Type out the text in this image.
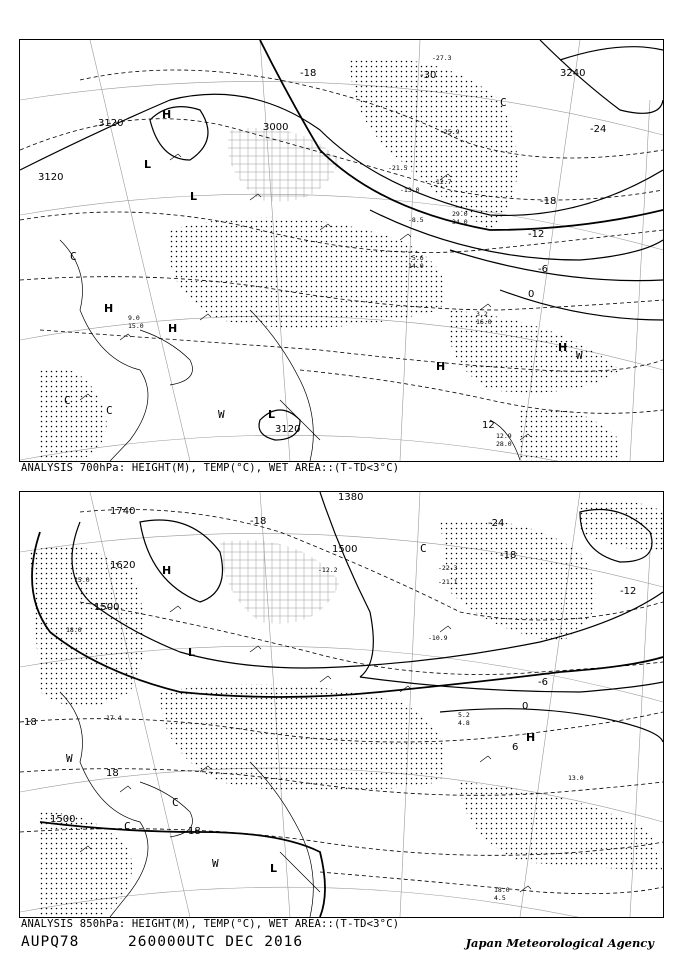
H
L
L
L
H
H
H
H
C
C
C	W
W
C
3120
3120
3000
3120
3240
-18
-24
-30
-18
-12
-6
0
12
-27.3
-25.9
-21.5
-13.0
-12.7
-8.5
-5.6
14.0
29.0
34.0
3.2
16.0
9.0
15.0
12.9
28.0
ANALYSIS 700hPa: HEIGHT(M), TEMP(°C), WET AREA::(T-TD<3°C)
H
L
H
L
C
C
W
C
W
1740
1620
1500
1380
1500
1500
-18	-24
-12
-6
0
6
18
18
-18
18
-22.3
-21.1
-12.2
-10.9
5.2
4.8
17.4
15.0
18.0
18.0
4.5
13.0
ANALYSIS 850hPa: HEIGHT(M), TEMP(°C), WET AREA::(T-TD<3°C)
AUPQ78	260000UTC DEC 2016	Japan Meteorological Agency
